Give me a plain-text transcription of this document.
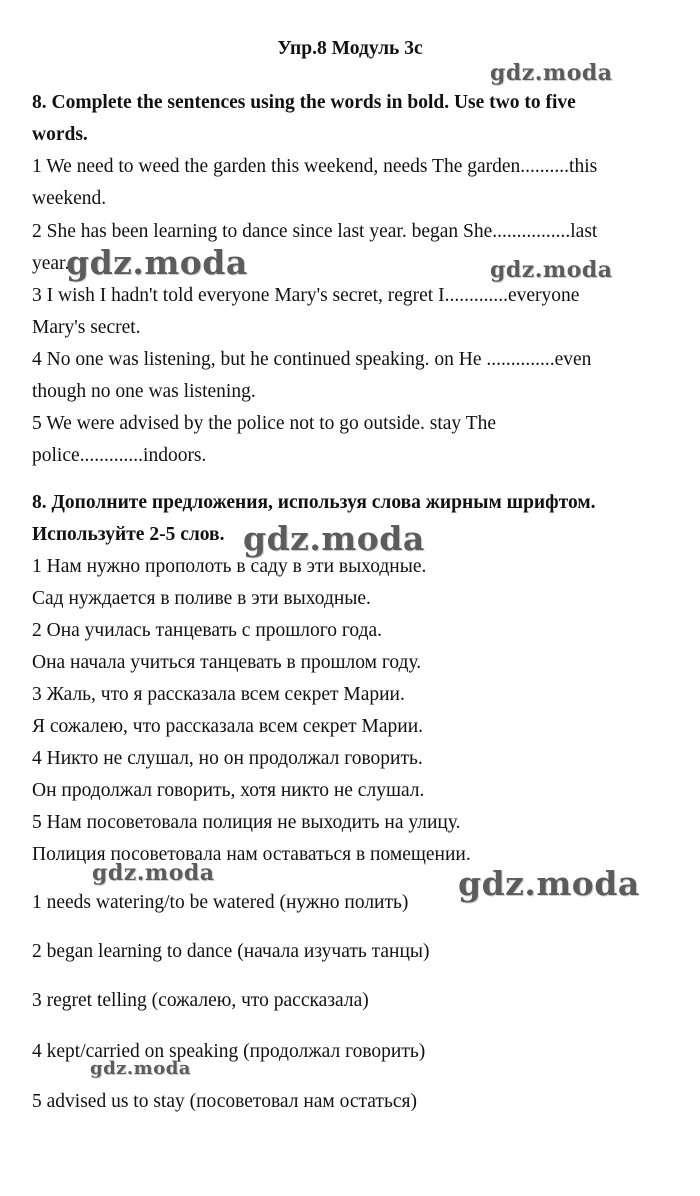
Упр.8 Модуль 3с
8. Complete the sentences using the words in bold. Use two to five
words.
1 We need to weed the garden this weekend, needs The garden..........this
weekend.
2 She has been learning to dance since last year. began She................last
year.
3 I wish I hadn't told everyone Mary's secret, regret I.............everyone
Mary's secret.
4 No one was listening, but he continued speaking. on He ..............even
though no one was listening.
5 We were advised by the police not to go outside. stay The
police.............indoors.
8. Дополните предложения, используя слова жирным шрифтом.
Используйте 2-5 слов.
1 Нам нужно прополоть в саду в эти выходные.
Сад нуждается в поливе в эти выходные.
2 Она училась танцевать с прошлого года.
Она начала учиться танцевать в прошлом году.
3 Жаль, что я рассказала всем секрет Марии.
Я сожалею, что рассказала всем секрет Марии.
4 Никто не слушал, но он продолжал говорить.
Он продолжал говорить, хотя никто не слушал.
5 Нам посоветовала полиция не выходить на улицу.
Полиция посоветовала нам оставаться в помещении.
1 needs watering/to be watered (нужно полить)
2 began learning to dance (начала изучать танцы)
3 regret telling (сожалею, что рассказала)
4 kept/carried on speaking (продолжал говорить)
5 advised us to stay (посоветовал нам остаться)
gdz.moda
gdz.moda	gdz.moda
gdz.moda
gdz.moda	gdz.moda
gdz.moda
